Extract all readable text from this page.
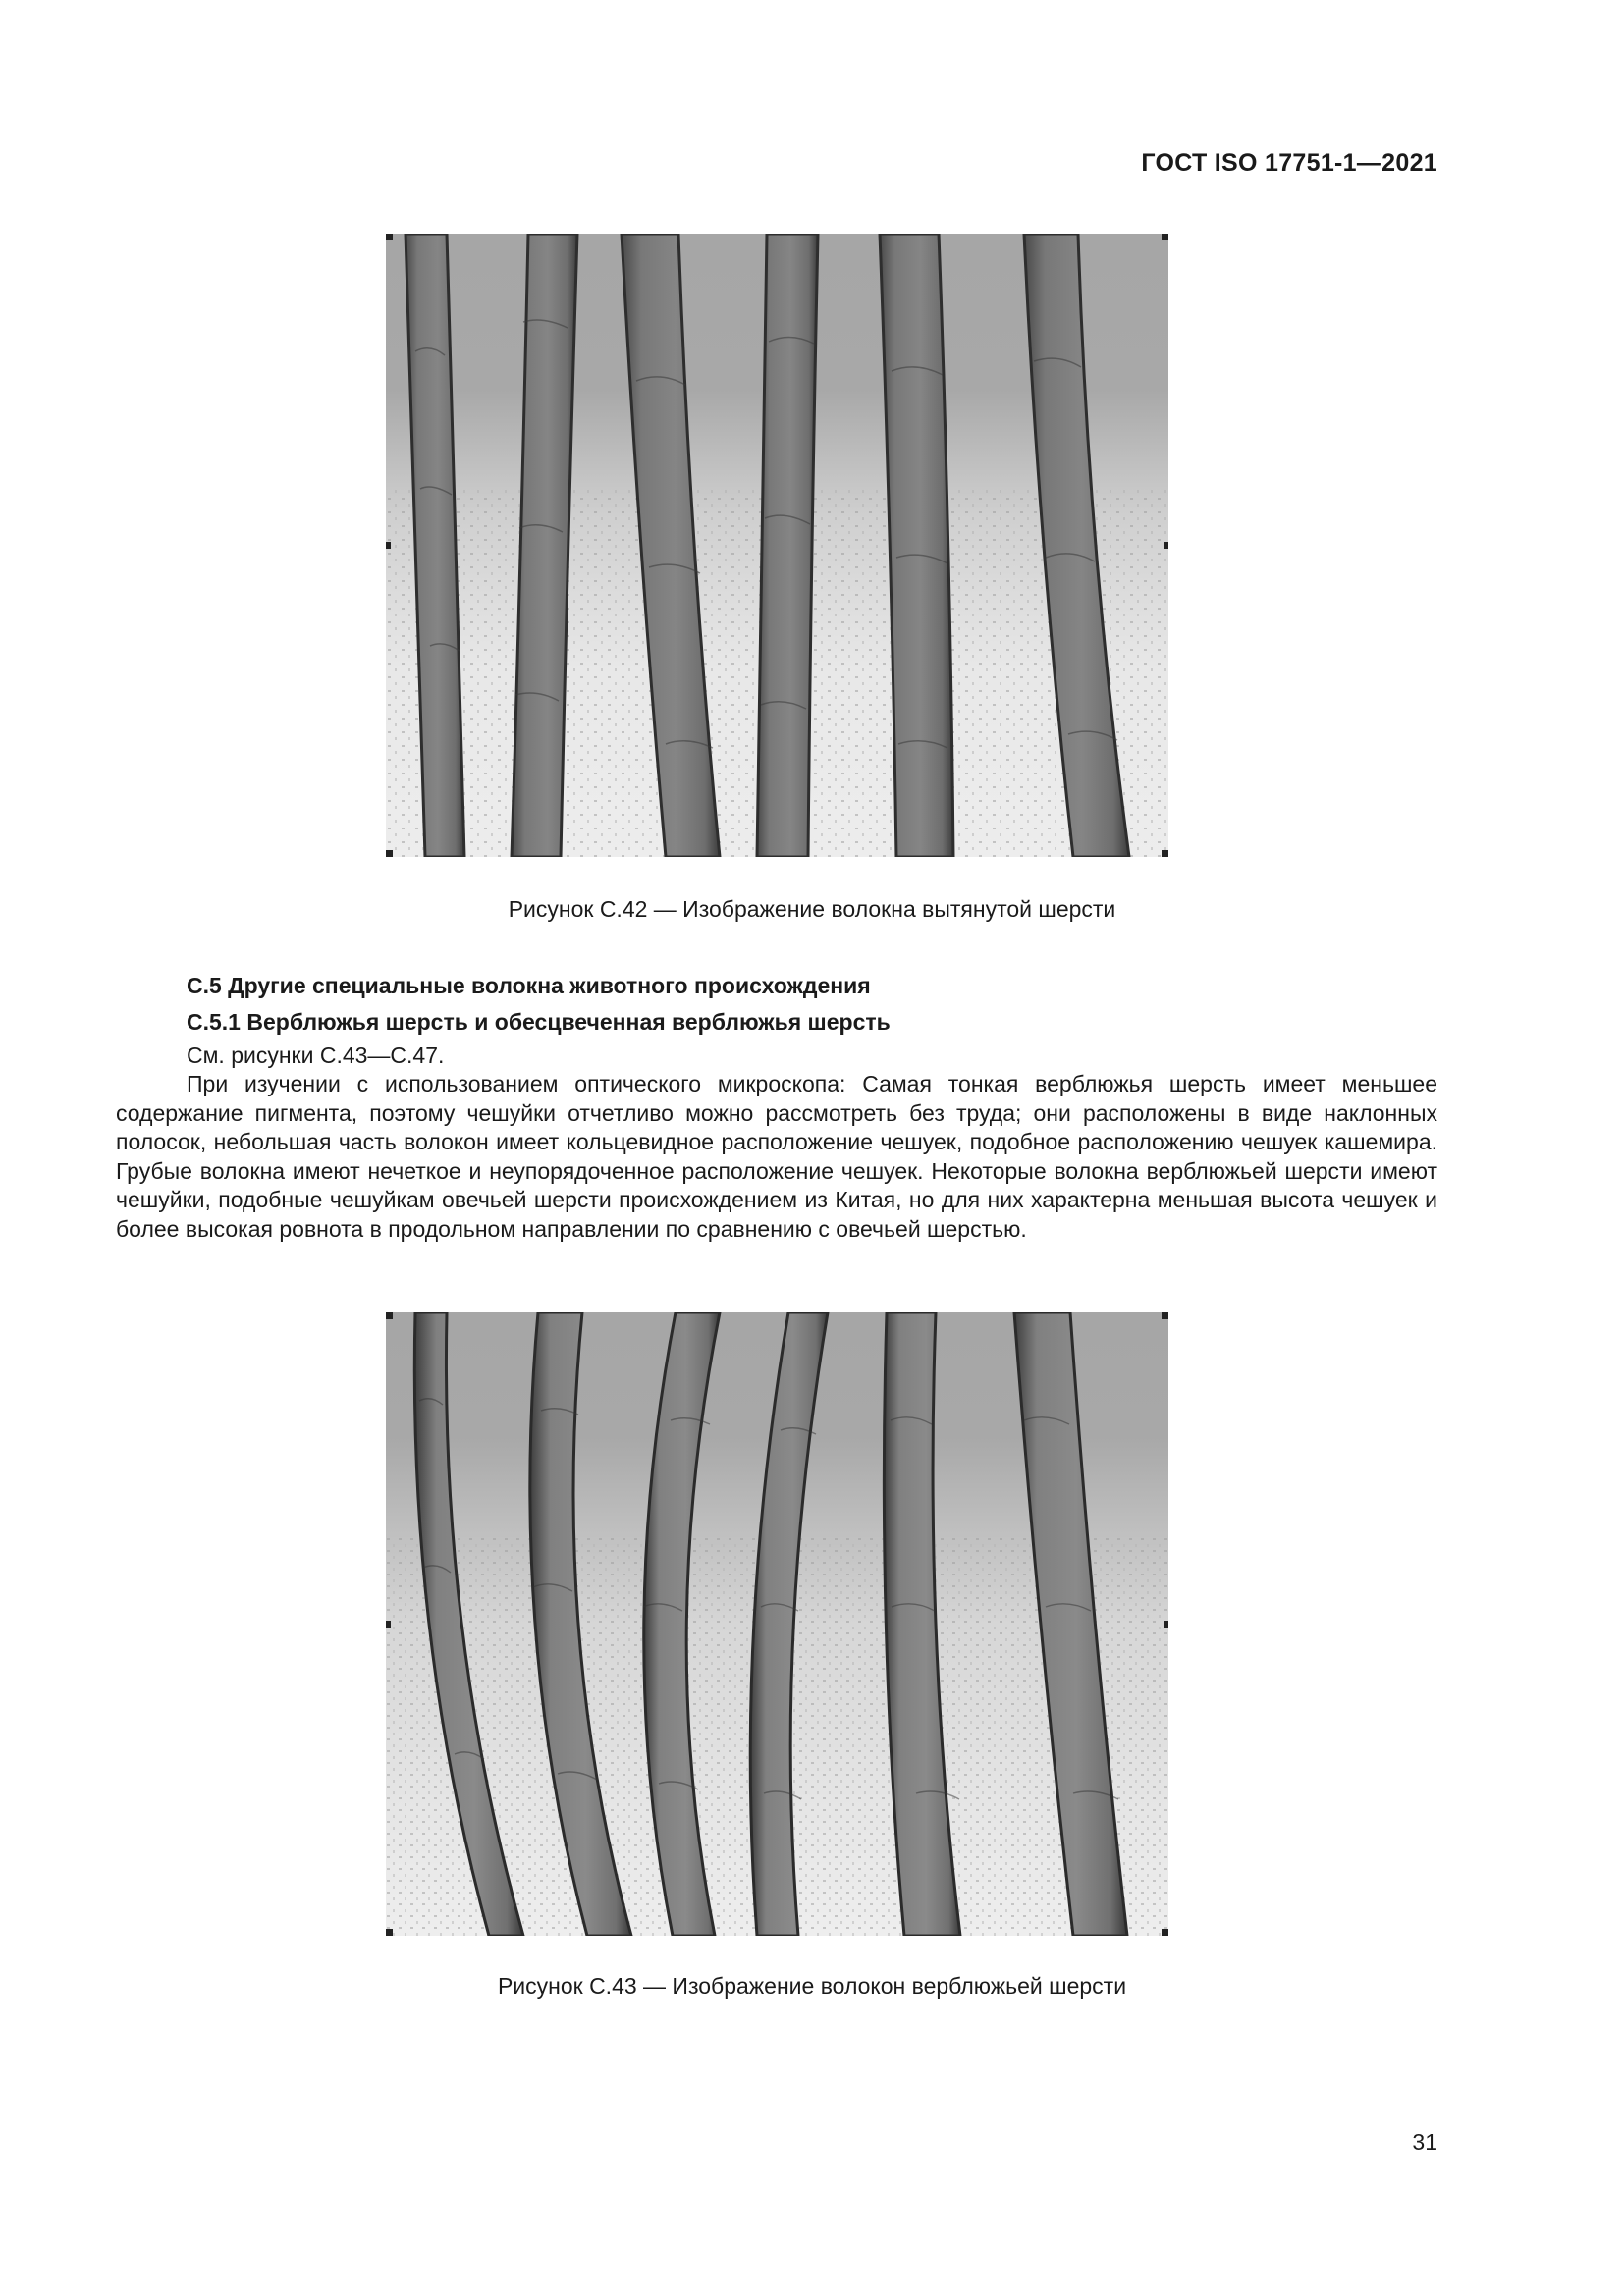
ГОСТ ISO 17751-1—2021
Рисунок С.42 — Изображение волокна вытянутой шерсти
С.5 Другие специальные волокна животного происхождения
С.5.1 Верблюжья шерсть и обесцвеченная верблюжья шерсть
См. рисунки С.43—С.47.

При изучении с использованием оптического микроскопа: Самая тонкая верблюжья шерсть имеет меньшее содержание пигмента, поэтому чешуйки отчетливо можно рассмотреть без труда; они расположены в виде наклонных полосок, небольшая часть волокон имеет кольцевидное расположение чешуек, подобное расположению чешуек кашемира. Грубые волокна имеют нечеткое и неупорядоченное расположение чешуек. Некоторые волокна верблюжьей шерсти имеют чешуйки, подобные чешуйкам овечьей шерсти происхождением из Китая, но для них характерна меньшая высота чешуек и более высокая ровнота в продольном направлении по сравнению с овечьей шерстью.

Рисунок С.43 — Изображение волокон верблюжьей шерсти
31
